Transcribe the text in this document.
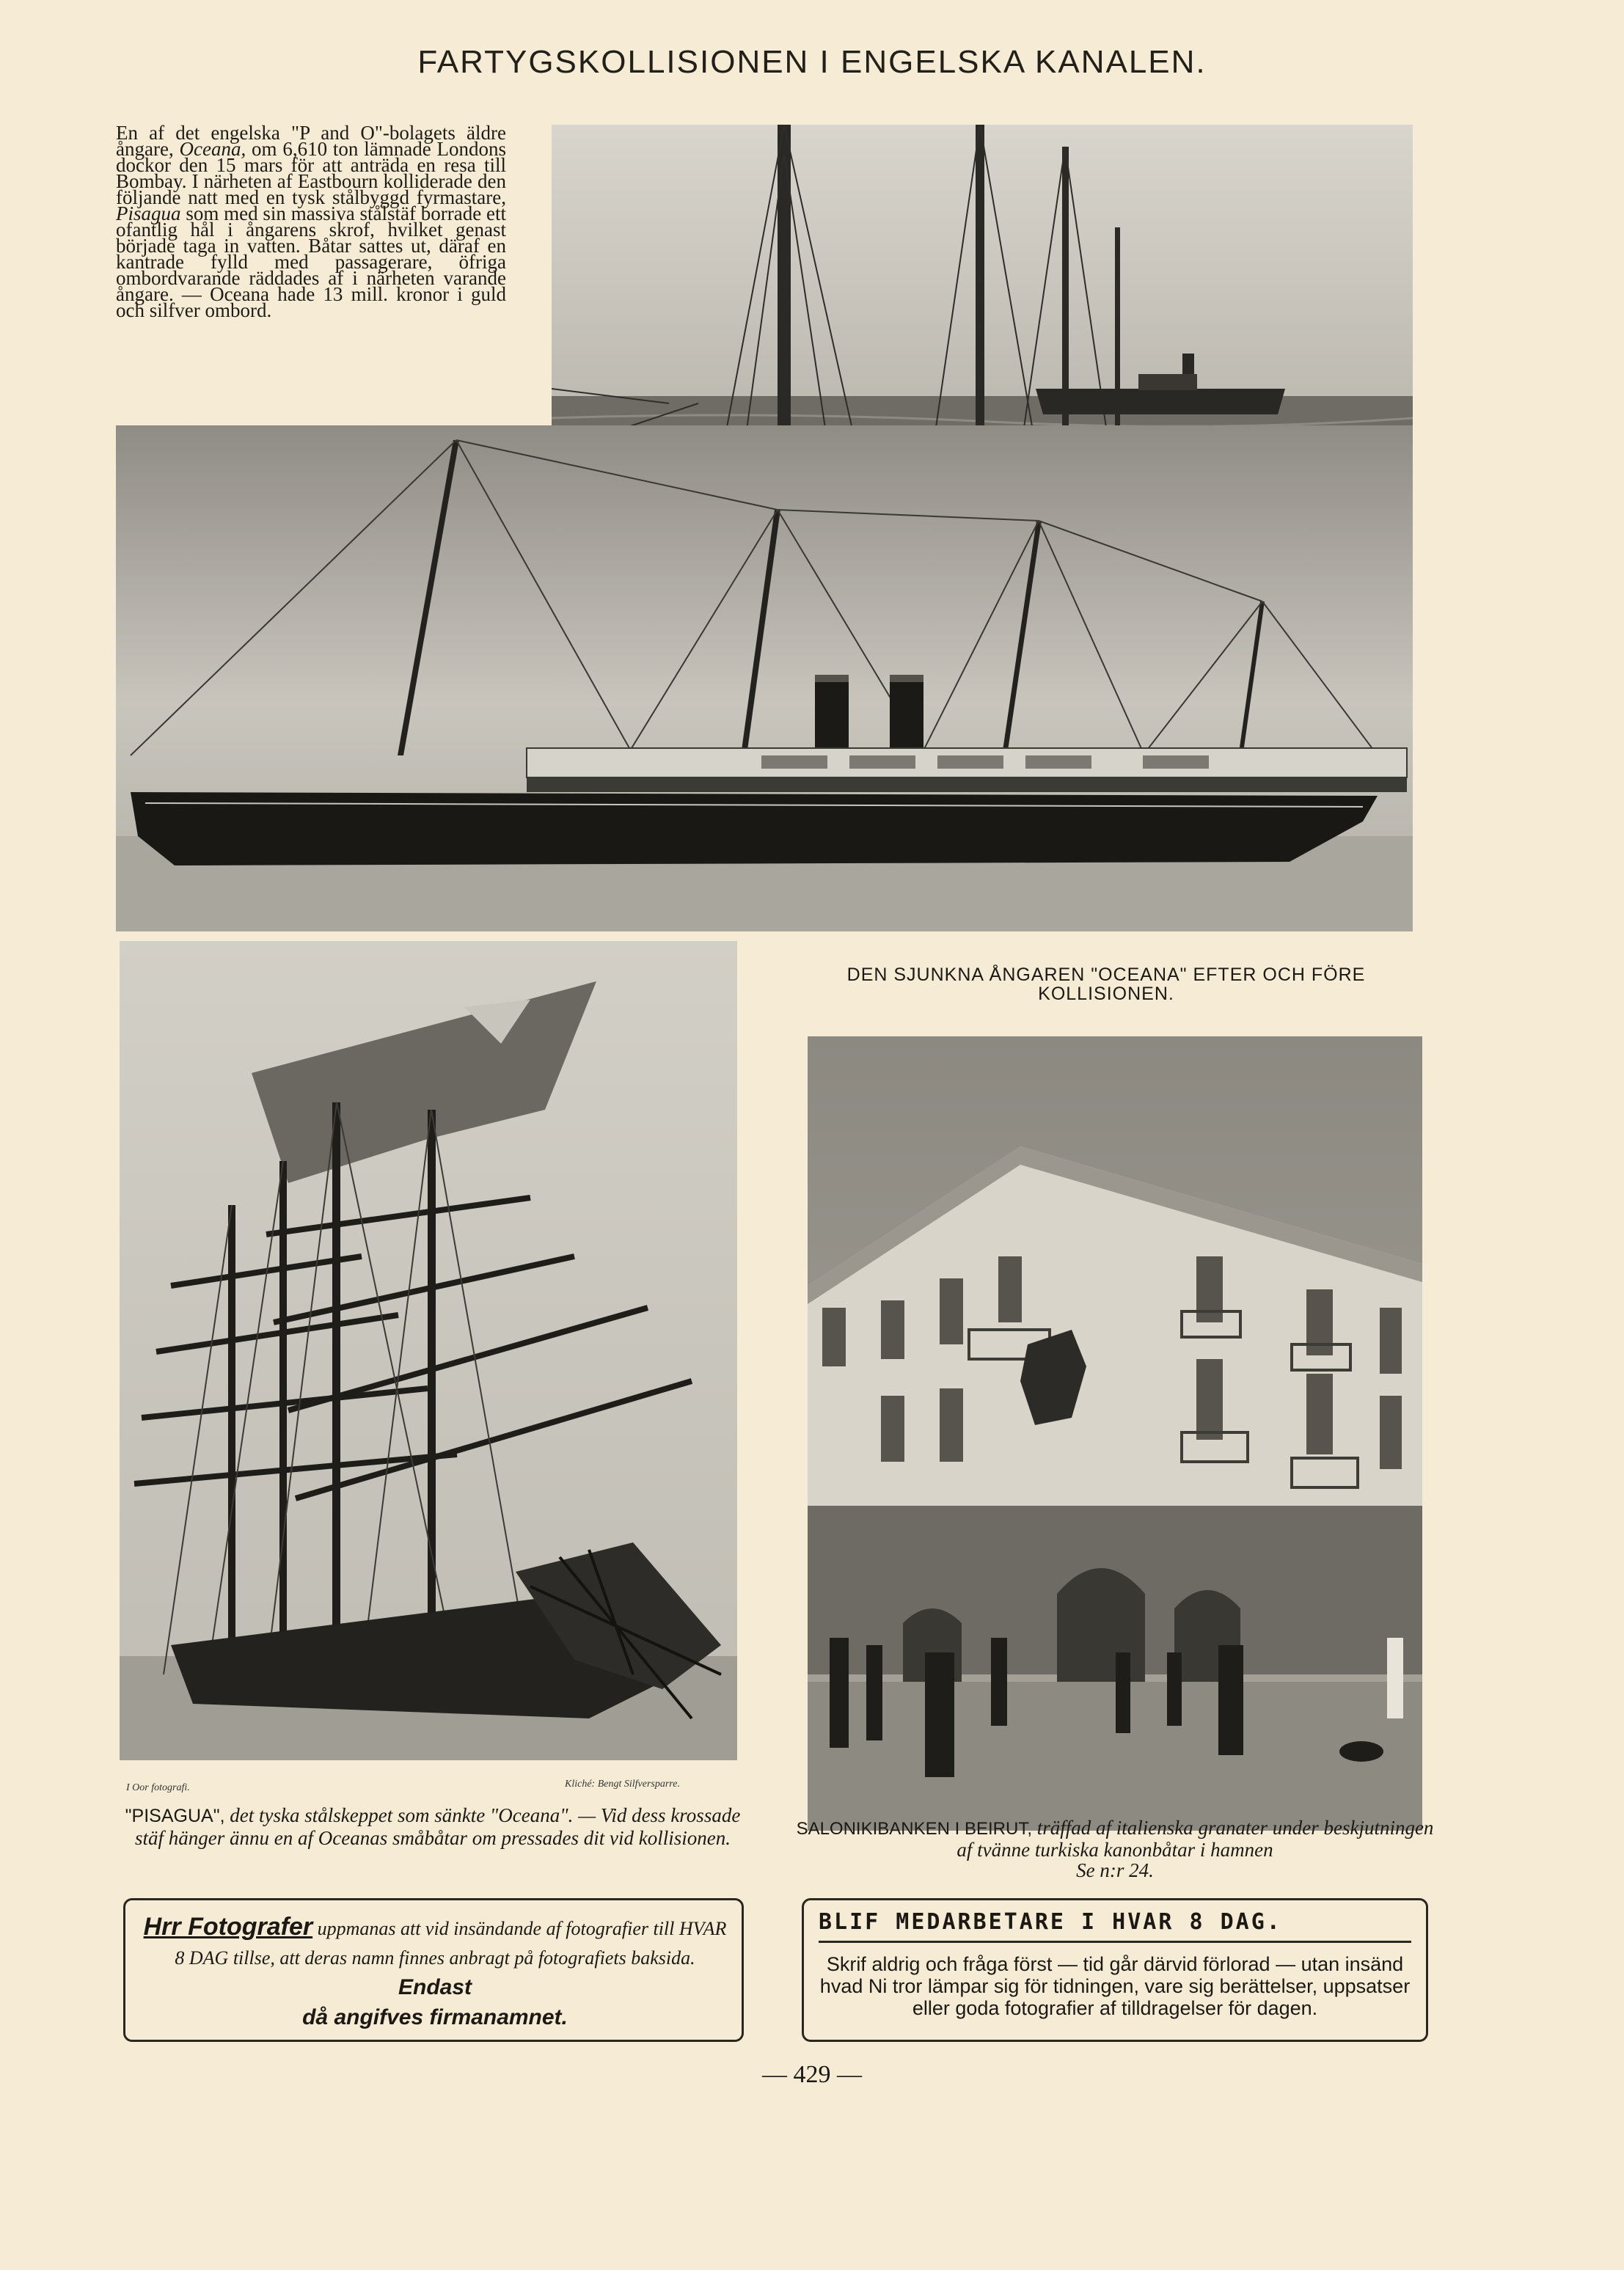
FARTYGSKOLLISIONEN I ENGELSKA KANALEN.
En af det engelska "P and O"-bolagets äldre ångare, Oceana, om 6,610 ton lämnade Londons dockor den 15 mars för att anträda en resa till Bombay. I närheten af Eastbourn kolliderade den följande natt med en tysk stålbyggd fyrmastare, Pisagua som med sin massiva stålstäf borrade ett ofantlig hål i ångarens skrof, hvilket genast började taga in vatten. Båtar sattes ut, däraf en kantrade fylld med passagerare, öfriga ombordvarande räddades af i närheten varande ångare. — Oceana hade 13 mill. kronor i guld och silfver ombord.
DEN SJUNKNA ÅNGAREN "OCEANA" EFTER OCH FÖRE
KOLLISIONEN.
I Oor fotografi.	Kliché: Bengt Silfversparre.
"PISAGUA", det tyska stålskeppet som sänkte "Oceana". — Vid dess krossade stäf hänger ännu en af Oceanas småbåtar om pressades dit vid kollisionen.	SALONIKIBANKEN I BEIRUT, träffad af italienska granater under beskjutningen af tvänne turkiska kanonbåtar i hamnen
Se n:r 24.
Hrr Fotografer uppmanas att vid insändande af fotografier till HVAR 8 DAG tillse, att deras namn finnes anbragt på fotografiets baksida. Endast
då angifves firmanamnet.
BLIF MEDARBETARE I HVAR 8 DAG.
Skrif aldrig och fråga först — tid går därvid förlorad — utan insänd hvad Ni tror lämpar sig för tidningen, vare sig berättelser, uppsatser eller goda fotografier af tilldragelser för dagen.
— 429 —
